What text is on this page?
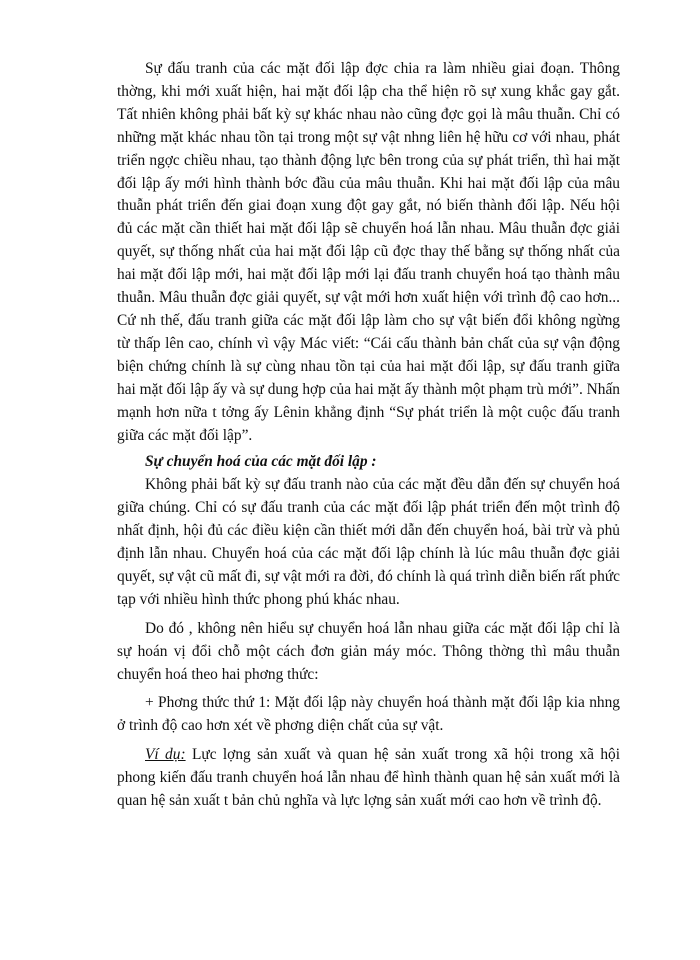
Sự đấu tranh của các mặt đối lập đợc chia ra làm nhiều giai đoạn. Thông thờng, khi mới xuất hiện, hai mặt đối lập cha thể hiện rõ sự xung khắc gay gắt. Tất nhiên không phải bất kỳ sự khác nhau nào cũng đợc gọi là mâu thuẫn. Chỉ có những mặt khác nhau tồn tại trong một sự vật nhng liên hệ hữu cơ với nhau, phát triển ngợc chiều nhau, tạo thành động lực bên trong của sự phát triển, thì hai mặt đối lập ấy mới hình thành bớc đầu của mâu thuẫn. Khi hai mặt đối lập của mâu thuẫn phát triển đến giai đoạn xung đột gay gắt, nó biến thành đối lập. Nếu hội đủ các mặt cần thiết hai mặt đối lập sẽ chuyển hoá lẫn nhau. Mâu thuẫn đợc giải quyết, sự thống nhất của hai mặt đối lập cũ đợc thay thế bằng sự thống nhất của hai mặt đối lập mới, hai mặt đối lập mới lại đấu tranh chuyển hoá tạo thành mâu thuẫn. Mâu thuẫn đợc giải quyết, sự vật mới hơn xuất hiện với trình độ cao hơn... Cứ nh thế, đấu tranh giữa các mặt đối lập làm cho sự vật biến đổi không ngừng từ thấp lên cao, chính vì vậy Mác viết: “Cái cấu thành bản chất của sự vận động biện chứng chính là sự cùng nhau tồn tại của hai mặt đối lập, sự đấu tranh giữa hai mặt đối lập ấy và sự dung hợp của hai mặt ấy thành một phạm trù mới”. Nhấn mạnh hơn nữa t tởng ấy Lênin khẳng định “Sự phát triển là một cuộc đấu tranh giữa các mặt đối lập”.

Sự chuyển hoá của các mặt đối lập :

Không phải bất kỳ sự đấu tranh nào của các mặt đều dẫn đến sự chuyển hoá giữa chúng. Chỉ có sự đấu tranh của các mặt đối lập phát triển đến một trình độ nhất định, hội đủ các điều kiện cần thiết mới dẫn đến chuyển hoá, bài trừ và phủ định lẫn nhau. Chuyển hoá của các mặt đối lập chính là lúc mâu thuẫn đợc giải quyết, sự vật cũ mất đi, sự vật mới ra đời, đó chính là quá trình diễn biến rất phức tạp với nhiều hình thức phong phú khác nhau.

Do đó , không nên hiểu sự chuyển hoá lẫn nhau giữa các mặt đối lập chỉ là sự hoán vị đổi chỗ một cách đơn giản máy móc. Thông thờng thì mâu thuẫn chuyển hoá theo hai phơng thức:

+ Phơng thức thứ 1: Mặt đối lập này chuyển hoá thành mặt đối lập kia nhng ở trình độ cao hơn xét về phơng diện chất của sự vật.

Ví dụ: Lực lợng sản xuất và quan hệ sản xuất trong xã hội trong xã hội phong kiến đấu tranh chuyển hoá lẫn nhau để hình thành quan hệ sản xuất mới là quan hệ sản xuất t bản chủ nghĩa và lực lợng sản xuất mới cao hơn về trình độ.
